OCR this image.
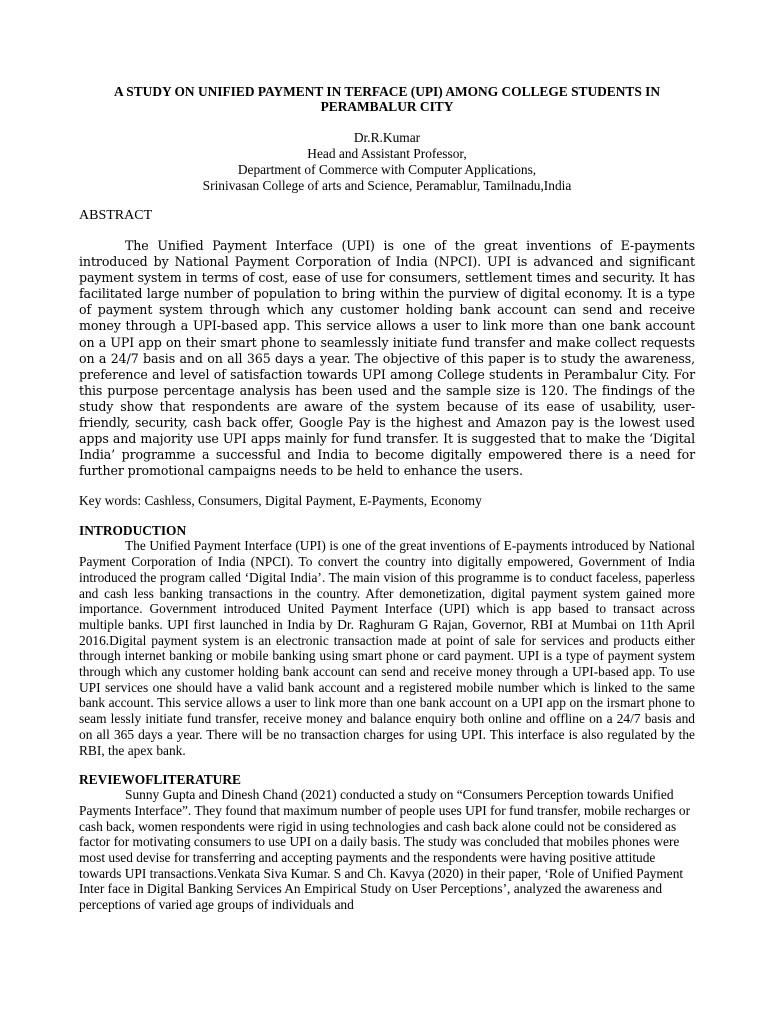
A STUDY ON UNIFIED PAYMENT IN TERFACE (UPI) AMONG COLLEGE STUDENTS IN PERAMBALUR CITY
Dr.R.Kumar
Head and Assistant Professor,
Department of Commerce with Computer Applications,
Srinivasan College of arts and Science, Peramablur, Tamilnadu,India
ABSTRACT

The Unified Payment Interface (UPI) is one of the great inventions of E-payments introduced by National Payment Corporation of India (NPCI). UPI is advanced and significant payment system in terms of cost, ease of use for consumers, settlement times and security. It has facilitated large number of population to bring within the purview of digital economy. It is a type of payment system through which any customer holding bank account can send and receive money through a UPI-based app. This service allows a user to link more than one bank account on a UPI app on their smart phone to seamlessly initiate fund transfer and make collect requests on a 24/7 basis and on all 365 days a year. The objective of this paper is to study the awareness, preference and level of satisfaction towards UPI among College students in Perambalur City. For this purpose percentage analysis has been used and the sample size is 120. The findings of the study show that respondents are aware of the system because of its ease of usability, user-friendly, security, cash back offer, Google Pay is the highest and Amazon pay is the lowest used apps and majority use UPI apps mainly for fund transfer. It is suggested that to make the ‘Digital India’ programme a successful and India to become digitally empowered there is a need for further promotional campaigns needs to be held to enhance the users.

Key words: Cashless, Consumers, Digital Payment, E-Payments, Economy
INTRODUCTION

The Unified Payment Interface (UPI) is one of the great inventions of E-payments introduced by National Payment Corporation of India (NPCI). To convert the country into digitally empowered, Government of India introduced the program called ‘Digital India’. The main vision of this programme is to conduct faceless, paperless and cash less banking transactions in the country. After demonetization, digital payment system gained more importance. Government introduced United Payment Interface (UPI) which is app based to transact across multiple banks. UPI first launched in India by Dr. Raghuram G Rajan, Governor, RBI at Mumbai on 11th April 2016.Digital payment system is an electronic transaction made at point of sale for services and products either through internet banking or mobile banking using smart phone or card payment. UPI is a type of payment system through which any customer holding bank account can send and receive money through a UPI-based app. To use UPI services one should have a valid bank account and a registered mobile number which is linked to the same bank account. This service allows a user to link more than one bank account on a UPI app on the irsmart phone to seam lessly initiate fund transfer, receive money and balance enquiry both online and offline on a 24/7 basis and on all 365 days a year. There will be no transaction charges for using UPI. This interface is also regulated by the RBI, the apex bank.

REVIEWOFLITERATURE

Sunny Gupta and Dinesh Chand (2021) conducted a study on “Consumers Perception towards Unified Payments Interface”. They found that maximum number of people uses UPI for fund transfer, mobile recharges or cash back, women respondents were rigid in using technologies and cash back alone could not be considered as factor for motivating consumers to use UPI on a daily basis. The study was concluded that mobiles phones were most used devise for transferring and accepting payments and the respondents were having positive attitude towards UPI transactions.Venkata Siva Kumar. S and Ch. Kavya (2020) in their paper, ‘Role of Unified Payment Inter face in Digital Banking Services An Empirical Study on User Perceptions’, analyzed the awareness and perceptions of varied age groups of individuals and
